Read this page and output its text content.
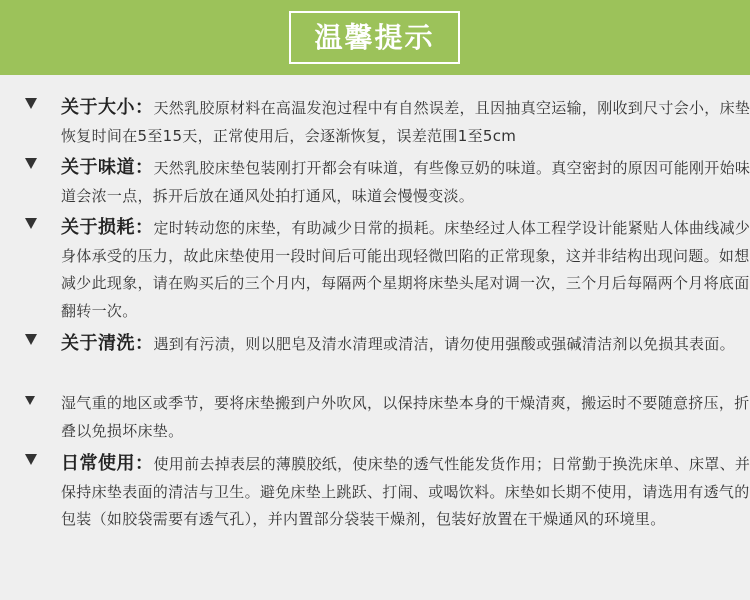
温馨提示

关于大小：天然乳胶原材料在高温发泡过程中有自然误差，且因抽真空运输，刚收到尺寸会小，床垫恢复时间在5至15天，正常使用后，会逐渐恢复，误差范围1至5cm

关于味道：天然乳胶床垫包装刚打开都会有味道，有些像豆奶的味道。真空密封的原因可能刚开始味道会浓一点，拆开后放在通风处拍打通风，味道会慢慢变淡。

关于损耗：定时转动您的床垫，有助减少日常的损耗。床垫经过人体工程学设计能紧贴人体曲线减少身体承受的压力，故此床垫使用一段时间后可能出现轻微凹陷的正常现象，这并非结构出现问题。如想减少此现象，请在购买后的三个月内，每隔两个星期将床垫头尾对调一次，三个月后每隔两个月将底面翻转一次。

关于清洗：遇到有污渍，则以肥皂及清水清理或清洁，请勿使用强酸或强碱清洁剂以免损其表面。

湿气重的地区或季节，要将床垫搬到户外吹风，以保持床垫本身的干燥清爽，搬运时不要随意挤压，折叠以免损坏床垫。

日常使用：使用前去掉表层的薄膜胶纸，使床垫的透气性能发货作用；日常勤于换洗床单、床罩、并保持床垫表面的清洁与卫生。避免床垫上跳跃、打闹、或喝饮料。床垫如长期不使用，请选用有透气的包装（如胶袋需要有透气孔），并内置部分袋装干燥剂，包装好放置在干燥通风的环境里。
